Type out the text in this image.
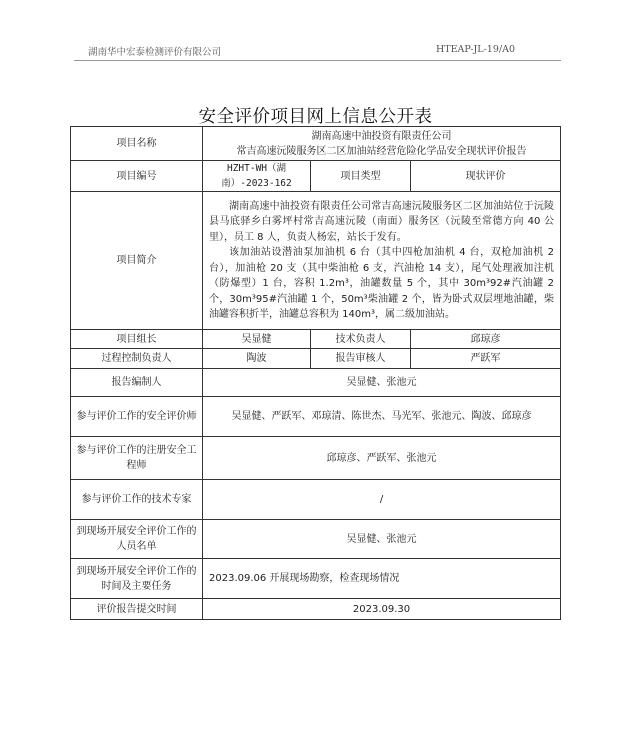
湖南华中宏泰检测评价有限公司	HTEAP-JL-19/A0
安全评价项目网上信息公开表
项目名称	湖南高速中油投资有限责任公司
常吉高速沅陵服务区二区加油站经营危险化学品安全现状评价报告		

项目编号	HZHT-WH（湖南）-2023-162	项目类型	现状评价
项目简介	湖南高速中油投资有限责任公司常吉高速沅陵服务区二区加油站位于沅陵县马底驿乡白雾坪村常吉高速沅陵（南面）服务区（沅陵至常德方向 40 公里），员工 8 人，负责人杨宏，站长于发有。

该加油站设潜油泵加油机 6 台（其中四枪加油机 4 台，双枪加油机 2 台），加油枪 20 支（其中柴油枪 6 支，汽油枪 14 支），尾气处理液加注机（防爆型）1 台，容积 1.2m³，油罐数量 5 个，其中 30m³92#汽油罐 2 个，30m³95#汽油罐 1 个，50m³柴油罐 2 个，皆为卧式双层埋地油罐，柴油罐容积折半，油罐总容积为 140m³，属二级加油站。		

项目组长	吴显健	技术负责人	邱琼彦
过程控制负责人	陶波	报告审核人	严跃军
报告编制人	吴显健、张池元		
参与评价工作的安全评价师	吴显健、严跃军、邓琼清、陈世杰、马光军、张池元、陶波、邱琼彦		
参与评价工作的注册安全工程师	邱琼彦、严跃军、张池元		
参与评价工作的技术专家	/		
到现场开展安全评价工作的人员名单	吴显健、张池元		
到现场开展安全评价工作的时间及主要任务	2023.09.06 开展现场勘察，检查现场情况		
评价报告提交时间	2023.09.30		
